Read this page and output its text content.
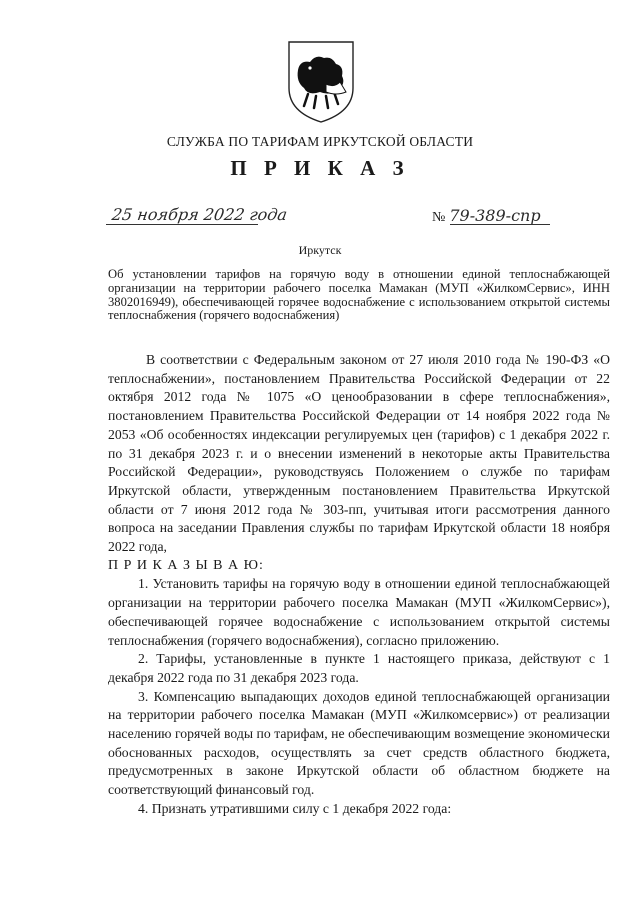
СЛУЖБА ПО ТАРИФАМ ИРКУТСКОЙ ОБЛАСТИ
П Р И К А З
25 ноября 2022 года	№ 79-389-спр
Иркутск
Об установлении тарифов на горячую воду в отношении единой теплоснабжающей организации на территории рабочего поселка Мамакан (МУП «ЖилкомСервис», ИНН 3802016949), обеспечивающей горячее водоснабжение с использованием открытой системы теплоснабжения (горячего водоснабжения)

В соответствии с Федеральным законом от 27 июля 2010 года № 190-ФЗ «О теплоснабжении», постановлением Правительства Российской Федерации от 22 октября 2012 года № 1075 «О ценообразовании в сфере теплоснабжения», постановлением Правительства Российской Федерации от 14 ноября 2022 года № 2053 «Об особенностях индексации регулируемых цен (тарифов) с 1 декабря 2022 г. по 31 декабря 2023 г. и о внесении изменений в некоторые акты Правительства Российской Федерации», руководствуясь Положением о службе по тарифам Иркутской области, утвержденным постановлением Правительства Иркутской области от 7 июня 2012 года № 303-пп, учитывая итоги рассмотрения данного вопроса на заседании Правления службы по тарифам Иркутской области 18 ноября 2022 года,

П Р И К А З Ы В А Ю:

1. Установить тарифы на горячую воду в отношении единой теплоснабжающей организации на территории рабочего поселка Мамакан (МУП «ЖилкомСервис»), обеспечивающей горячее водоснабжение с использованием открытой системы теплоснабжения (горячего водоснабжения), согласно приложению.

2. Тарифы, установленные в пункте 1 настоящего приказа, действуют с 1 декабря 2022 года по 31 декабря 2023 года.

3. Компенсацию выпадающих доходов единой теплоснабжающей организации на территории рабочего поселка Мамакан (МУП «Жилкомсервис») от реализации населению горячей воды по тарифам, не обеспечивающим возмещение экономически обоснованных расходов, осуществлять за счет средств областного бюджета, предусмотренных в законе Иркутской области об областном бюджете на соответствующий финансовый год.

4. Признать утратившими силу с 1 декабря 2022 года:
